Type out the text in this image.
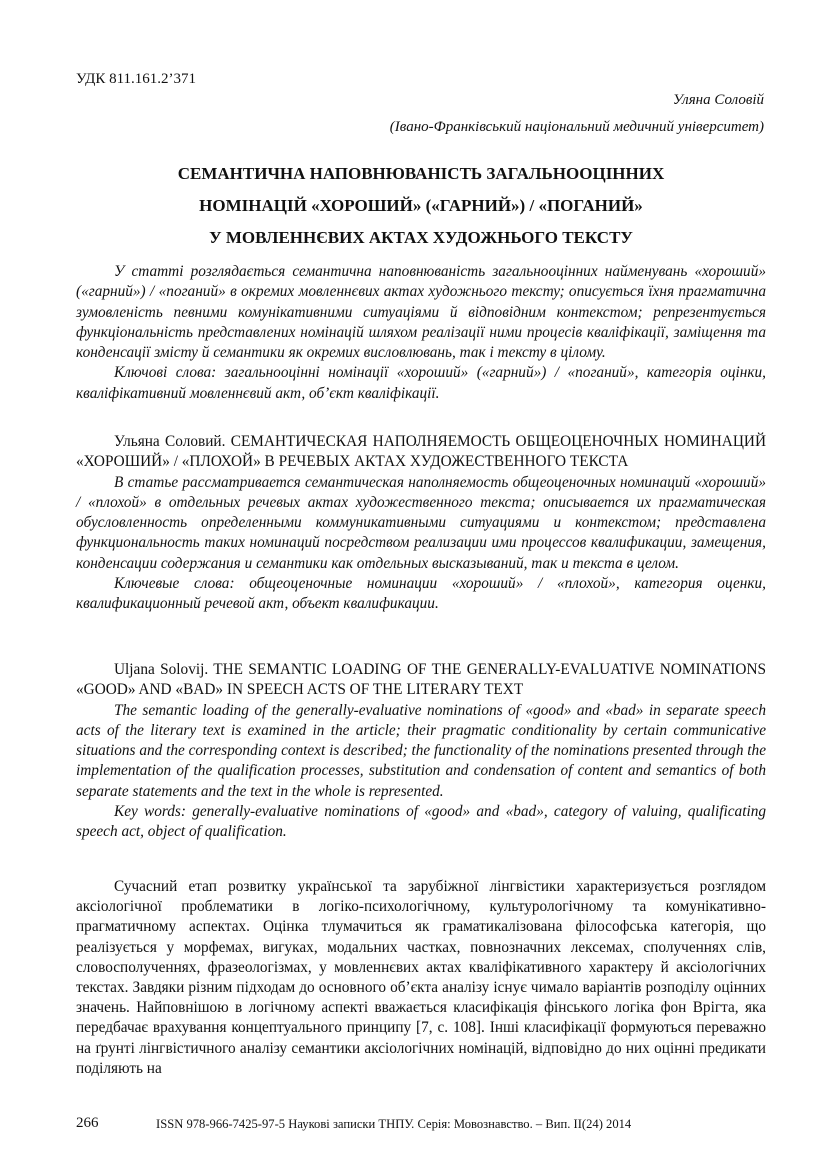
УДК 811.161.2’371
Уляна Соловій
(Івано-Франківський національний медичний університет)
СЕМАНТИЧНА НАПОВНЮВАНІСТЬ ЗАГАЛЬНООЦІННИХ
НОМІНАЦІЙ «ХОРОШИЙ» («ГАРНИЙ») / «ПОГАНИЙ»
У МОВЛЕННЄВИХ АКТАХ ХУДОЖНЬОГО ТЕКСТУ

У статті розглядається семантична наповнюваність загальнооцінних найменувань «хороший» («гарний») / «поганий» в окремих мовленнєвих актах художнього тексту; описується їхня прагматична зумовленість певними комунікативними ситуаціями й відповідним контекстом; репрезентується функціональність представлених номінацій шляхом реалізації ними процесів кваліфікації, заміщення та конденсації змісту й семантики як окремих висловлювань, так і тексту в цілому.

Ключові слова: загальнооцінні номінації «хороший» («гарний») / «поганий», категорія оцінки, кваліфікативний мовленнєвий акт, об’єкт кваліфікації.

Ульяна Соловий. СЕМАНТИЧЕСКАЯ НАПОЛНЯЕМОСТЬ ОБЩЕОЦЕНОЧНЫХ НОМИНАЦИЙ «ХОРОШИЙ» / «ПЛОХОЙ» В РЕЧЕВЫХ АКТАХ ХУДОЖЕСТВЕННОГО ТЕКСТА

В статье рассматривается семантическая наполняемость общеоценочных номинаций «хороший» / «плохой» в отдельных речевых актах художественного текста; описывается их прагматическая обусловленность определенными коммуникативными ситуациями и контекстом; представлена функциональность таких номинаций посредством реализации ими процессов квалификации, замещения, конденсации содержания и семантики как отдельных высказываний, так и текста в целом.

Ключевые слова: общеоценочные номинации «хороший» / «плохой», категория оценки, квалификационный речевой акт, объект квалификации.

Uljana Solovij. THE SEMANTIC LOADING OF THE GENERALLY-EVALUATIVE NOMINATIONS «GOOD» AND «BAD» IN SPEECH ACTS OF THE LITERARY TEXT

The semantic loading of the generally-evaluative nominations of «good» and «bad» in separate speech acts of the literary text is examined in the article; their pragmatic conditionality by certain communicative situations and the corresponding context is described; the functionality of the nominations presented through the implementation of the qualification processes, substitution and condensation of content and semantics of both separate statements and the text in the whole is represented.

Key words: generally-evaluative nominations of «good» and «bad», category of valuing, qualificating speech act, object of qualification.

Сучасний етап розвитку української та зарубіжної лінгвістики характеризується розглядом аксіологічної проблематики в логіко-психологічному, культурологічному та комунікативно-прагматичному аспектах. Оцінка тлумачиться як граматикалізована філософська категорія, що реалізується у морфемах, вигуках, модальних частках, повнозначних лексемах, сполученнях слів, словосполученнях, фразеологізмах, у мовленнєвих актах кваліфікативного характеру й аксіологічних текстах. Завдяки різним підходам до основного об’єкта аналізу існує чимало варіантів розподілу оцінних значень. Найповнішою в логічному аспекті вважається класифікація фінського логіка фон Врігта, яка передбачає врахування концептуального принципу [7, с. 108]. Інші класифікації формуються переважно на ґрунті лінгвістичного аналізу семантики аксіологічних номінацій, відповідно до них оцінні предикати поділяють на

266	ISSN 978-966-7425-97-5 Наукові записки ТНПУ. Серія: Мовознавство. – Вип. ІІ(24) 2014
